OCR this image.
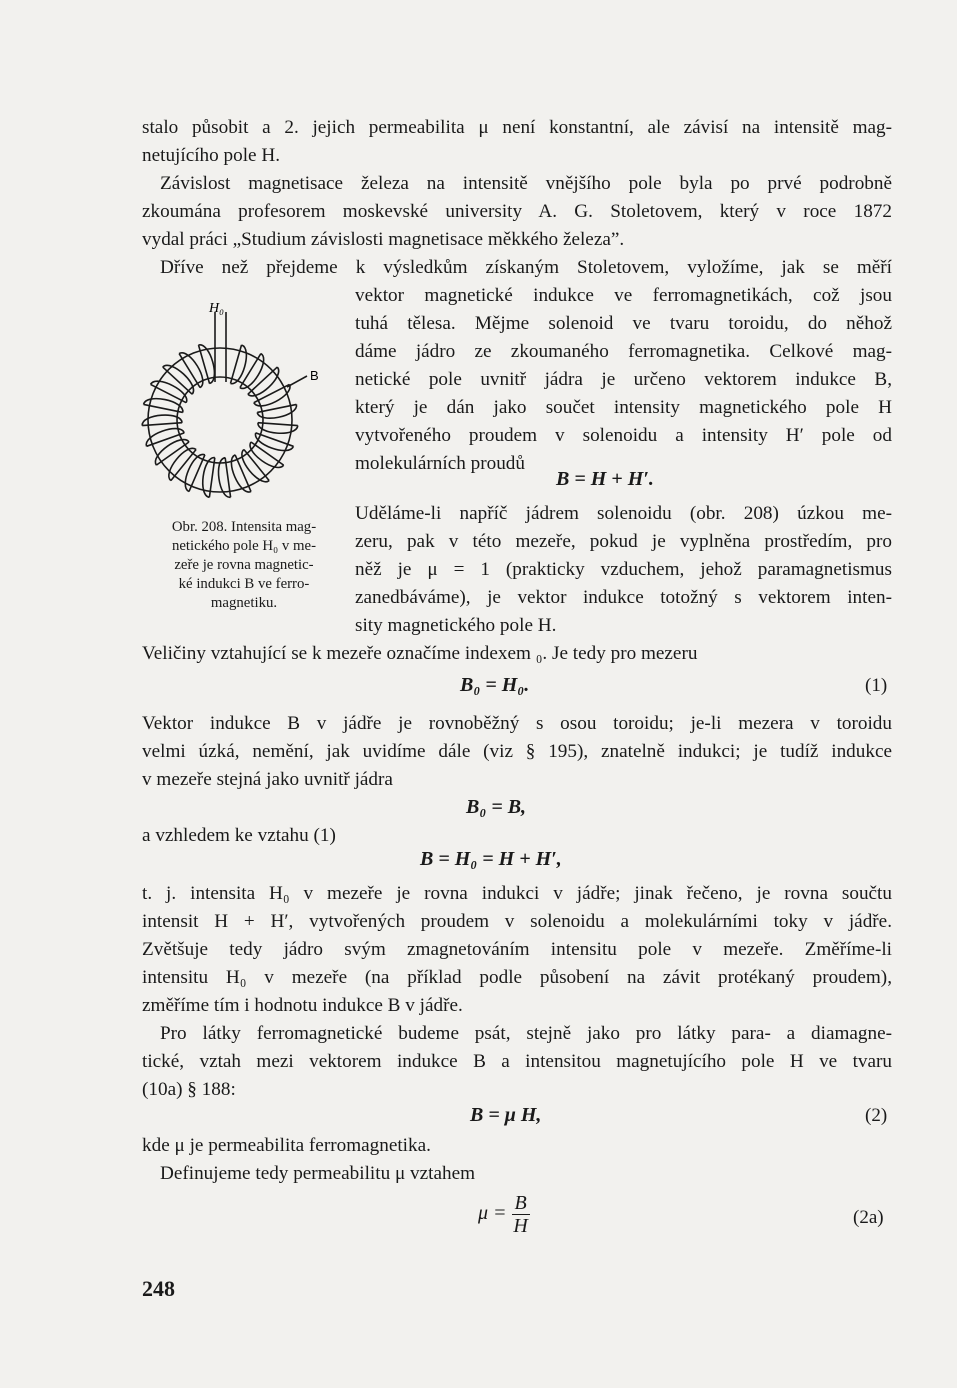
stalo působit a 2. jejich permeabilita μ není konstantní, ale závisí na intensitě mag-
netujícího pole H.
Závislost magnetisace železa na intensitě vnějšího pole byla po prvé podrobně
zkoumána profesorem moskevské university A. G. Stoletovem, který v roce 1872
vydal práci „Studium závislosti magnetisace měkkého železa”.
Dříve než přejdeme k výsledkům získaným Stoletovem, vyložíme, jak se měří
vektor magnetické indukce ve ferromagnetikách, což jsou
tuhá tělesa. Mějme solenoid ve tvaru toroidu, do něhož
dáme jádro ze zkoumaného ferromagnetika. Celkové mag-
netické pole uvnitř jádra je určeno vektorem indukce B,
který je dán jako součet intensity magnetického pole H
vytvořeného proudem v solenoidu a intensity H′ pole od
molekulárních proudů
B = H + H′.
Uděláme-li napříč jádrem solenoidu (obr. 208) úzkou me-
zeru, pak v této mezeře, pokud je vyplněna prostředím, pro
něž je μ = 1 (prakticky vzduchem, jehož paramagnetismus
zanedbáváme), je vektor indukce totožný s vektorem inten-
sity magnetického pole H.
H₀
B
Obr. 208. Intensita mag-
netického pole H₀ v me-
zeře je rovna magnetic-
ké indukci B ve ferro-
magnetiku.
Veličiny vztahující se k mezeře označíme indexem ₀. Je tedy pro mezeru
B₀ = H₀.	(1)
Vektor indukce B v jádře je rovnoběžný s osou toroidu; je-li mezera v toroidu
velmi úzká, nemění, jak uvidíme dále (viz § 195), znatelně indukci; je tudíž indukce
v mezeře stejná jako uvnitř jádra
B₀ = B,
a vzhledem ke vztahu (1)
B = H₀ = H + H′,
t. j. intensita H₀ v mezeře je rovna indukci v jádře; jinak řečeno, je rovna součtu
intensit H + H′, vytvořených proudem v solenoidu a molekulárními toky v jádře.
Zvětšuje tedy jádro svým zmagnetováním intensitu pole v mezeře. Změříme-li
intensitu H₀ v mezeře (na příklad podle působení na závit protékaný proudem),
změříme tím i hodnotu indukce B v jádře.
Pro látky ferromagnetické budeme psát, stejně jako pro látky para- a diamagne-
tické, vztah mezi vektorem indukce B a intensitou magnetujícího pole H ve tvaru
(10a) § 188:
B = μ H,	(2)
kde μ je permeabilita ferromagnetika.
Definujeme tedy permeabilitu μ vztahem
$\mu = \frac{B}{H}$	(2a)
248
